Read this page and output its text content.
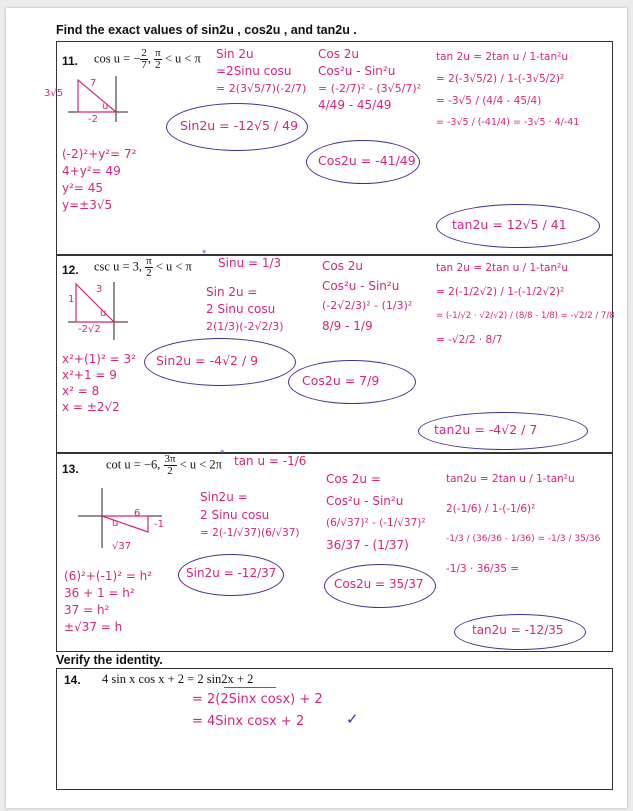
Find the exact values of sin2u , cos2u , and tan2u .
11. cos u = − $\frac{2}{7}$ , $\frac{\pi}{2} < u < \pi$
7
u
-2
3√5
(-2)²+y²= 7²
4+y²= 49
y²= 45
y=±3√5
Sin 2u
=2Sinu cosu
= 2(3√5/7)(-2/7)
Sin2u = -12√5 / 49
Cos 2u
Cos²u - Sin²u
= (-2/7)² - (3√5/7)²
4/49 - 45/49
Cos2u = -41/49
tan 2u = 2tan u / 1-tan²u
= 2(-3√5/2) / 1-(-3√5/2)²
= -3√5 / (4/4 - 45/4)
= -3√5 / (-41/4) = -3√5 · 4/-41
tan2u = 12√5 / 41
12. csc u = 3, $\frac{\pi}{2} < u < \pi$
*
Sinu = 1/3
3
1
u
-2√2
x²+(1)² = 3²
x²+1 = 9
x² = 8
x = ±2√2
Sin 2u =
2 Sinu cosu
2(1/3)(-2√2/3)
Sin2u = -4√2 / 9
Cos 2u
Cos²u - Sin²u
(-2√2/3)² - (1/3)²
8/9 - 1/9
Cos2u = 7/9
tan 2u = 2tan u / 1-tan²u
= 2(-1/2√2) / 1-(-1/2√2)²
= (-1/√2 · √2/√2) / (8/8 - 1/8) = -√2/2 / 7/8
= -√2/2 · 8/7
tan2u = -4√2 / 7
13. cot u = −6, $\frac{3\pi}{2} < u < 2\pi$
* tan u = -1/6
6
u	-1
√37
(6)²+(-1)² = h²
36 + 1 = h²
37 = h²
±√37 = h
Sin2u =
2 Sinu cosu
= 2(-1/√37)(6/√37)
Sin2u = -12/37
Cos 2u =
Cos²u - Sin²u
(6/√37)² - (-1/√37)²
36/37 - (1/37)
Cos2u = 35/37
tan2u = 2tan u / 1-tan²u
2(-1/6) / 1-(-1/6)²
-1/3 / (36/36 - 1/36) = -1/3 / 35/36
-1/3 · 36/35 =
tan2u = -12/35
Verify the identity.
14. 4 sin x cos x + 2 = 2 sin2x + 2
= 2(2Sinx cosx) + 2
= 4Sinx cosx + 2	✓
